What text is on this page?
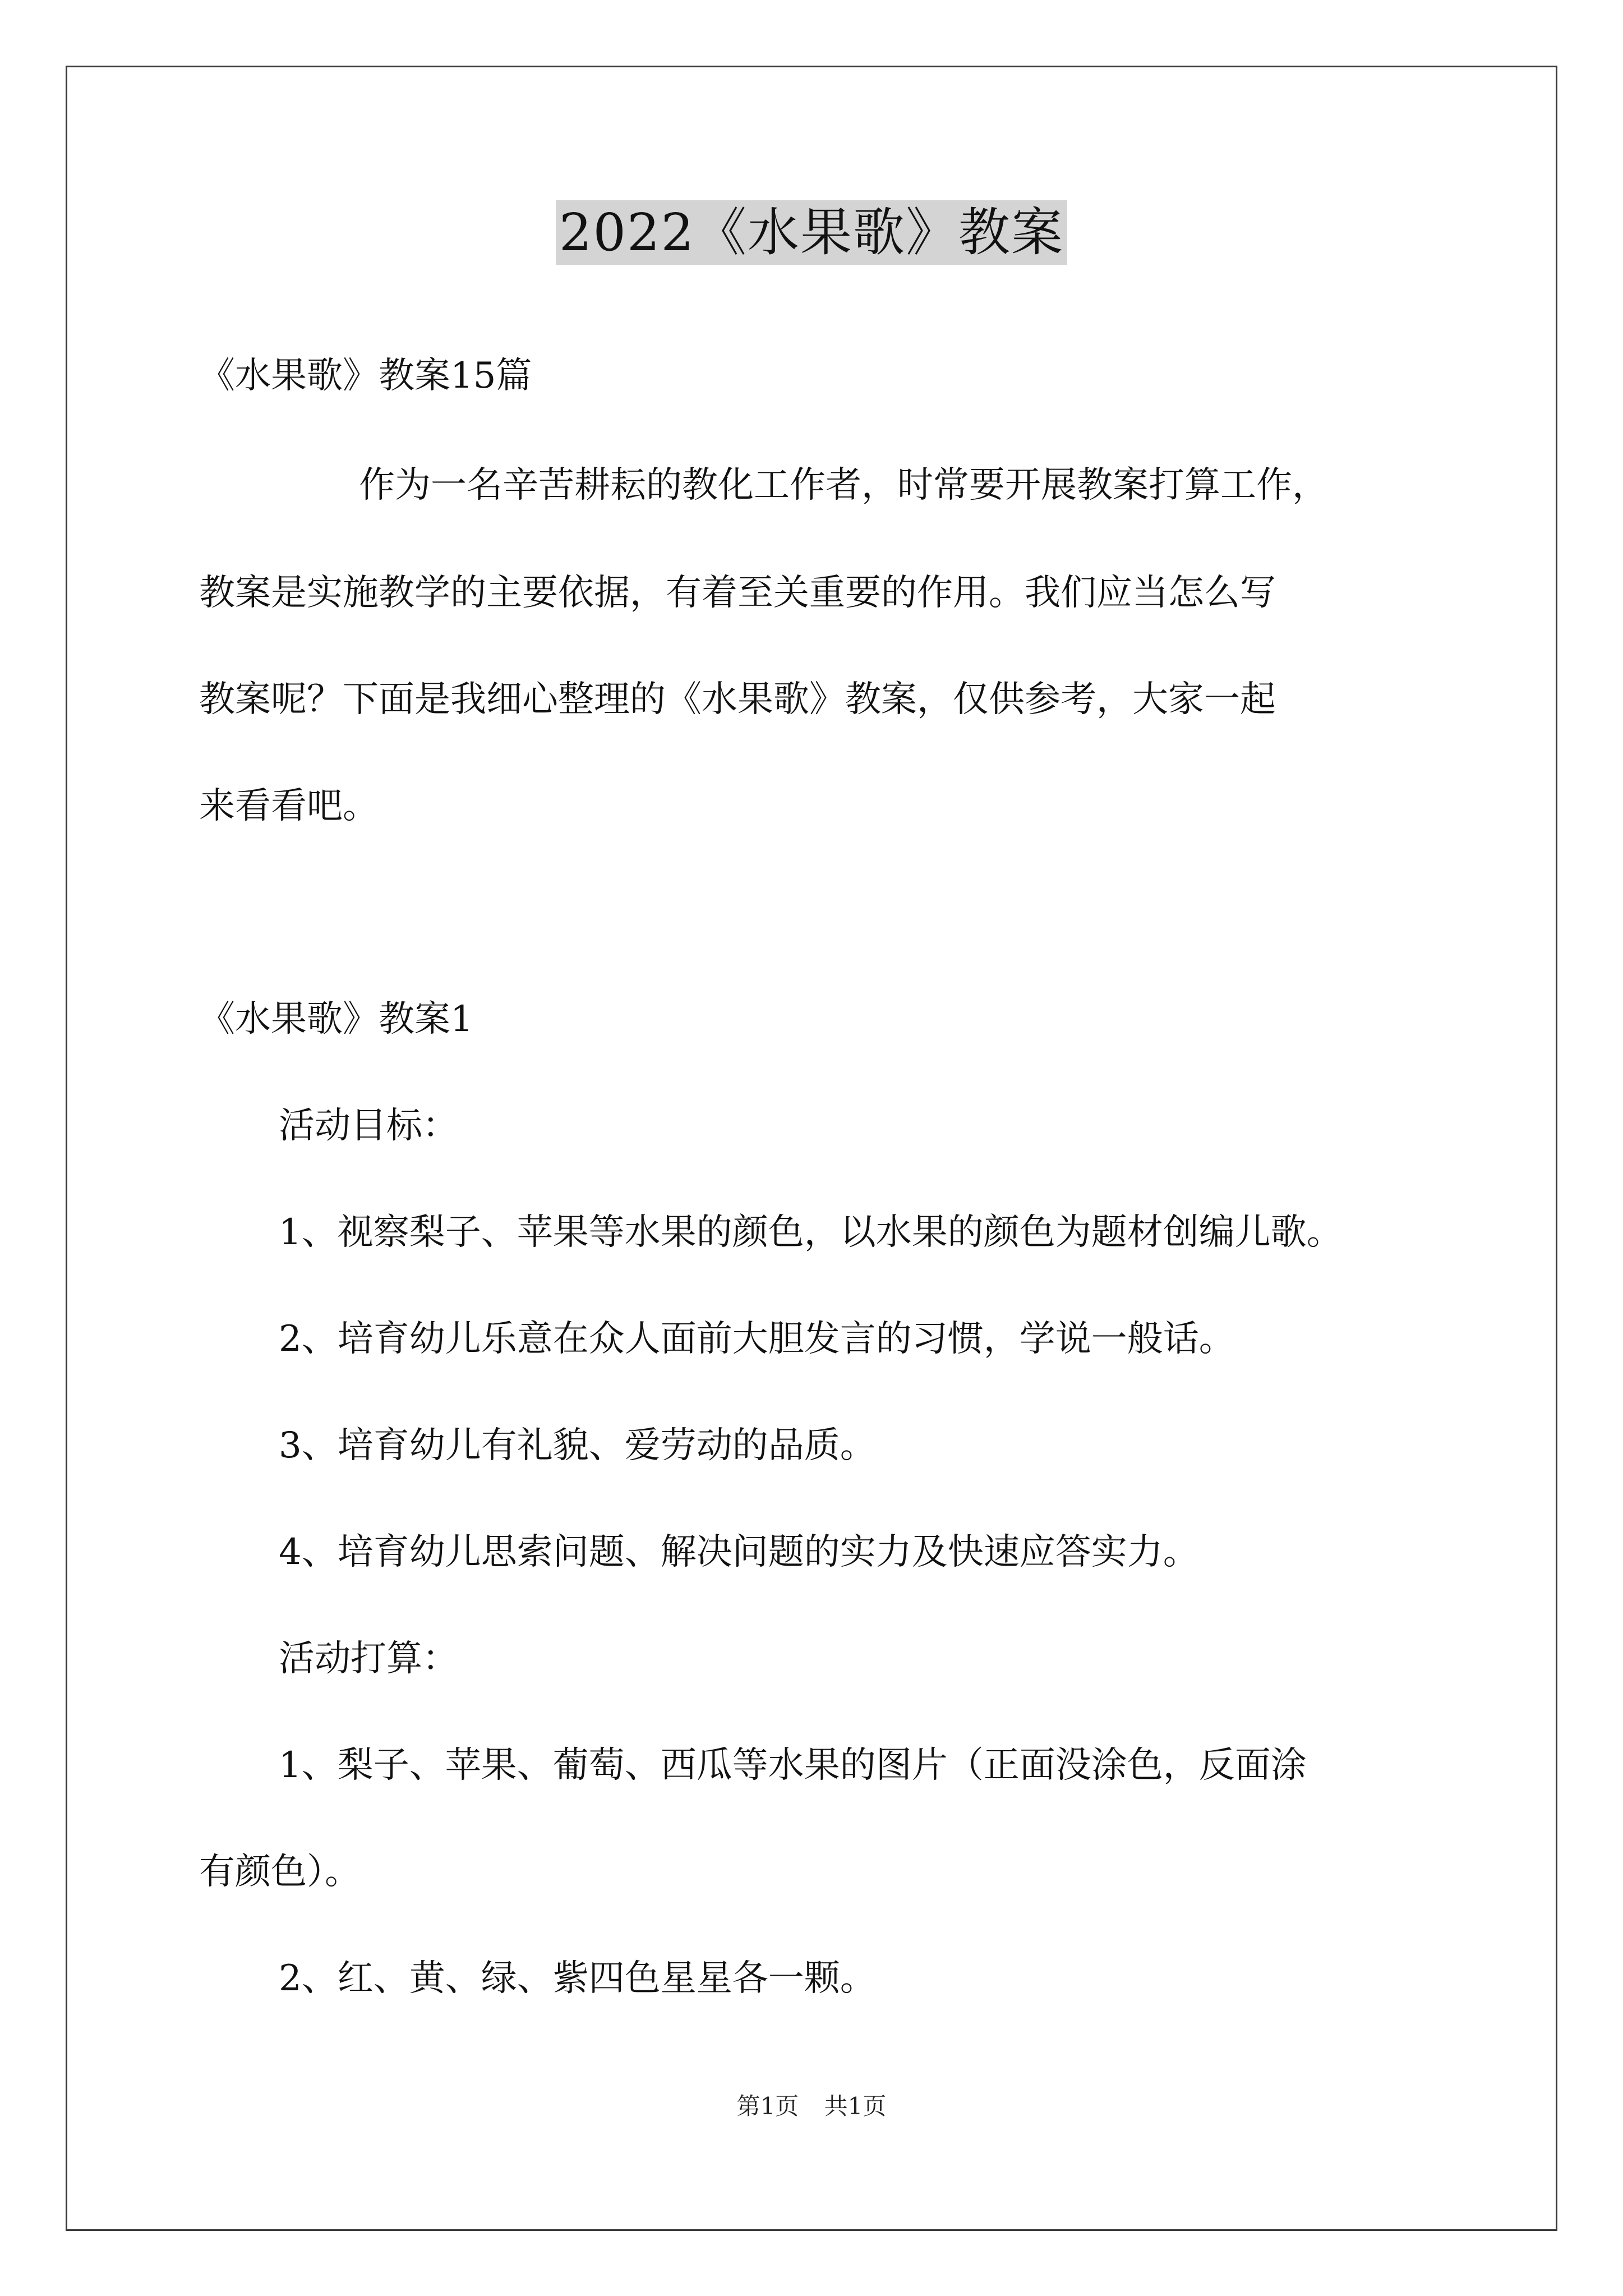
2022《水果歌》教案

《水果歌》教案15篇

作为一名辛苦耕耘的教化工作者，时常要开展教案打算工作，

教案是实施教学的主要依据，有着至关重要的作用。我们应当怎么写

教案呢？下面是我细心整理的《水果歌》教案，仅供参考，大家一起

来看看吧。

《水果歌》教案1

活动目标：

1、视察梨子、苹果等水果的颜色，以水果的颜色为题材创编儿歌。

2、培育幼儿乐意在众人面前大胆发言的习惯，学说一般话。

3、培育幼儿有礼貌、爱劳动的品质。

4、培育幼儿思索问题、解决问题的实力及快速应答实力。

活动打算：

1、梨子、苹果、葡萄、西瓜等水果的图片（正面没涂色，反面涂

有颜色）。

2、红、黄、绿、紫四色星星各一颗。

第1页 共1页
